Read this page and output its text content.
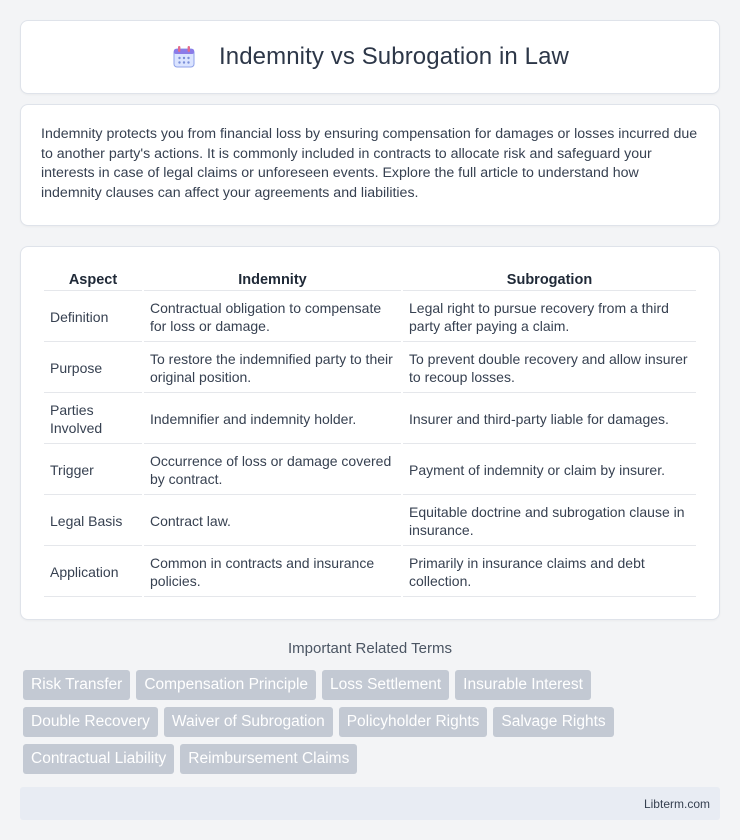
Indemnity vs Subrogation in Law

Indemnity protects you from financial loss by ensuring compensation for damages or losses incurred due to another party's actions. It is commonly included in contracts to allocate risk and safeguard your interests in case of legal claims or unforeseen events. Explore the full article to understand how indemnity clauses can affect your agreements and liabilities.

Aspect	Indemnity	Subrogation
Definition	Contractual obligation to compensate for loss or damage.	Legal right to pursue recovery from a third party after paying a claim.
Purpose	To restore the indemnified party to their original position.	To prevent double recovery and allow insurer to recoup losses.
Parties Involved	Indemnifier and indemnity holder.	Insurer and third-party liable for damages.
Trigger	Occurrence of loss or damage covered by contract.	Payment of indemnity or claim by insurer.
Legal Basis	Contract law.	Equitable doctrine and subrogation clause in insurance.
Application	Common in contracts and insurance policies.	Primarily in insurance claims and debt collection.
Important Related Terms
Risk Transfer	Compensation Principle	Loss Settlement	Insurable Interest
Double Recovery	Waiver of Subrogation	Policyholder Rights	Salvage Rights
Contractual Liability	Reimbursement Claims
Libterm.com
